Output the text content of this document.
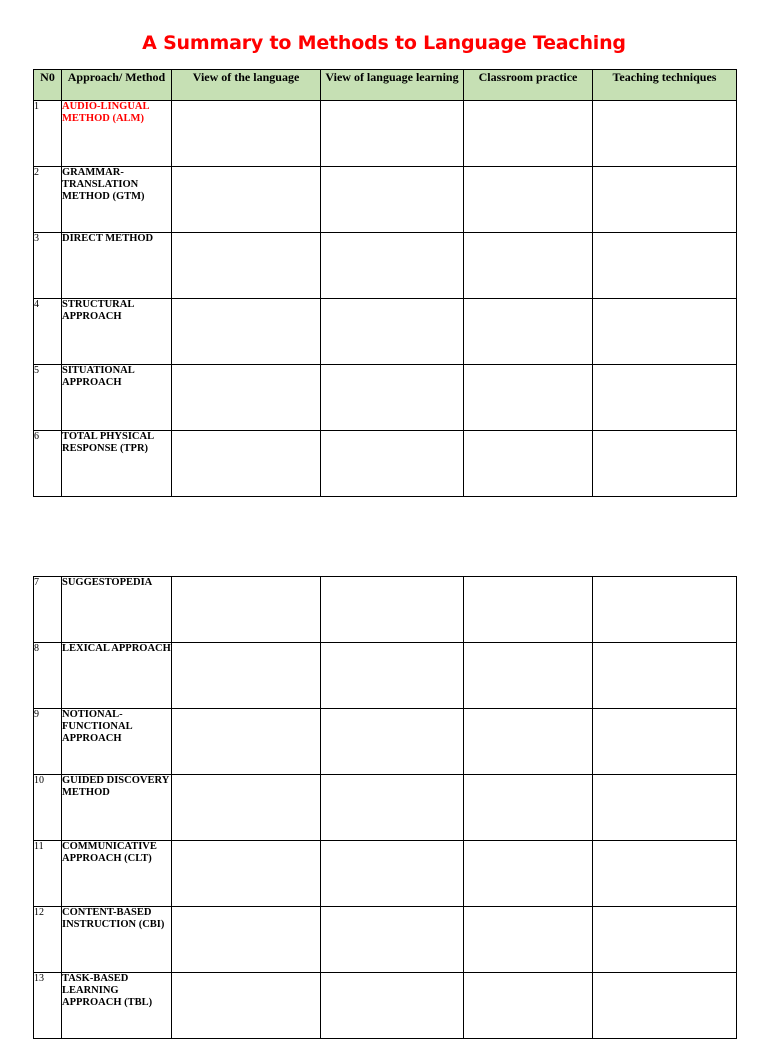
A Summary to Methods to Language Teaching
N0	Approach/ Method	View of the language	View of language learning	Classroom practice	Teaching techniques

1	AUDIO-LINGUAL METHOD (ALM)				
2	GRAMMAR-TRANSLATION METHOD (GTM)				
3	DIRECT METHOD				
4	STRUCTURAL APPROACH				
5	SITUATIONAL APPROACH				
6	TOTAL PHYSICAL RESPONSE (TPR)				
7	SUGGESTOPEDIA				
8	LEXICAL APPROACH				
9	NOTIONAL-FUNCTIONAL APPROACH				
10	GUIDED DISCOVERY METHOD				
11	COMMUNICATIVE APPROACH (CLT)				
12	CONTENT-BASED INSTRUCTION (CBI)				
13	TASK-BASED LEARNING APPROACH (TBL)				
